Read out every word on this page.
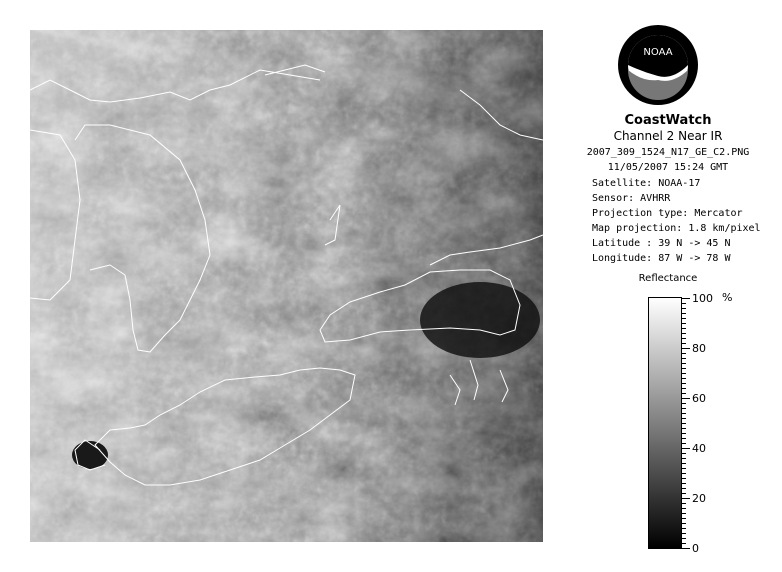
NOAA
CoastWatch
Channel 2 Near IR
2007_309_1524_N17_GE_C2.PNG
11/05/2007 15:24 GMT
Satellite: NOAA-17
Sensor: AVHRR
Projection type: Mercator
Map projection: 1.8 km/pixel
Latitude : 39 N -> 45 N
Longitude: 87 W -> 78 W
Reflectance
%
100
80
60
40
20
0
